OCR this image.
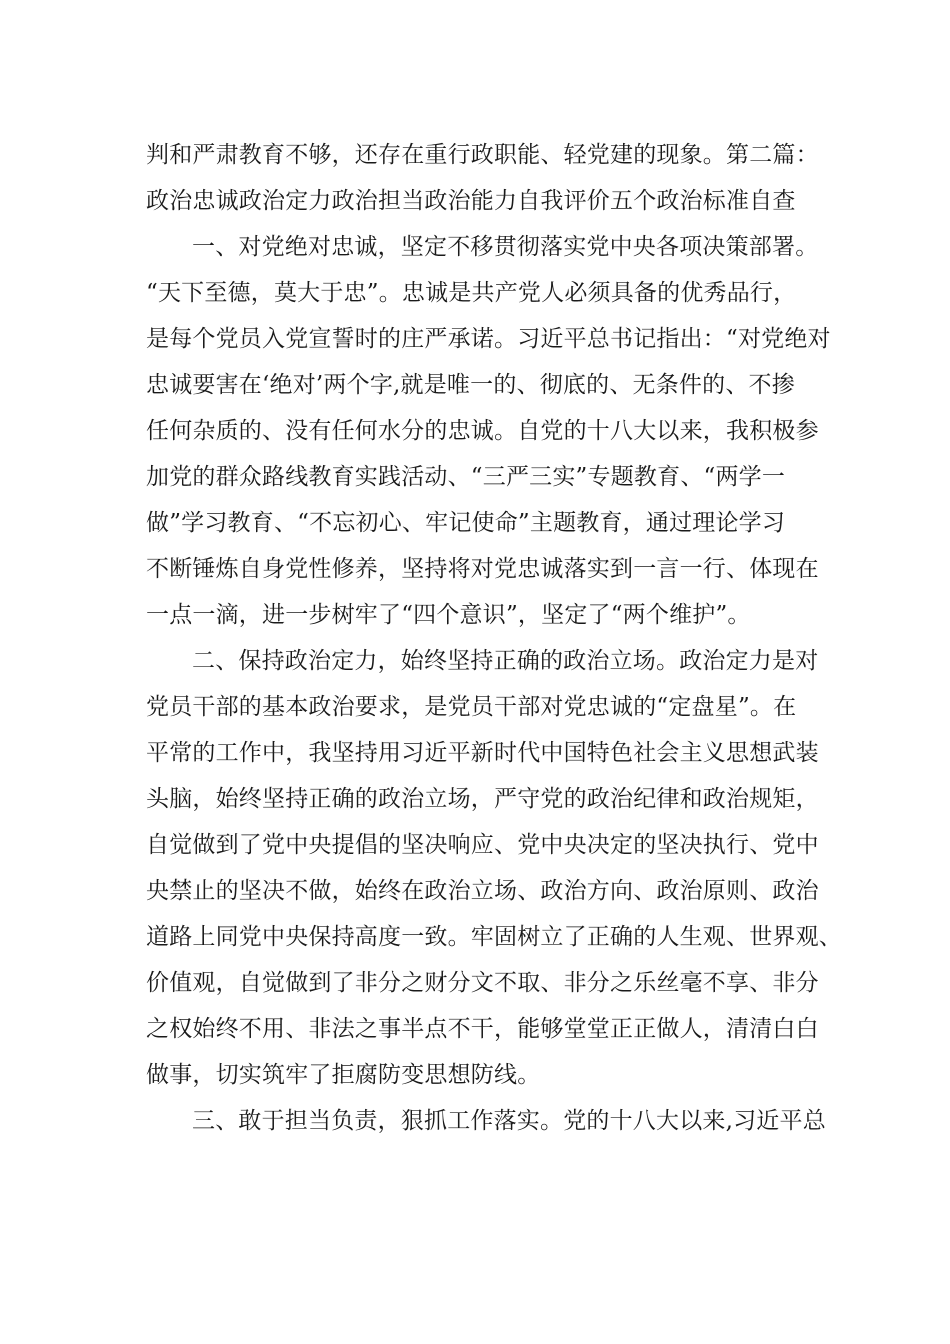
判和严肃教育不够，还存在重行政职能、轻党建的现象。第二篇：
政治忠诚政治定力政治担当政治能力自我评价五个政治标准自查
一、对党绝对忠诚，坚定不移贯彻落实党中央各项决策部署。
“天下至德，莫大于忠”。忠诚是共产党人必须具备的优秀品行，
是每个党员入党宣誓时的庄严承诺。习近平总书记指出：“对党绝对
忠诚要害在‘绝对’两个字,就是唯一的、彻底的、无条件的、不掺
任何杂质的、没有任何水分的忠诚。自党的十八大以来，我积极参
加党的群众路线教育实践活动、“三严三实”专题教育、“两学一
做”学习教育、“不忘初心、牢记使命”主题教育，通过理论学习
不断锤炼自身党性修养，坚持将对党忠诚落实到一言一行、体现在
一点一滴，进一步树牢了“四个意识”，坚定了“两个维护”。
二、保持政治定力，始终坚持正确的政治立场。政治定力是对
党员干部的基本政治要求，是党员干部对党忠诚的“定盘星”。在
平常的工作中，我坚持用习近平新时代中国特色社会主义思想武装
头脑，始终坚持正确的政治立场，严守党的政治纪律和政治规矩，
自觉做到了党中央提倡的坚决响应、党中央决定的坚决执行、党中
央禁止的坚决不做，始终在政治立场、政治方向、政治原则、政治
道路上同党中央保持高度一致。牢固树立了正确的人生观、世界观、
价值观，自觉做到了非分之财分文不取、非分之乐丝毫不享、非分
之权始终不用、非法之事半点不干，能够堂堂正正做人，清清白白
做事，切实筑牢了拒腐防变思想防线。
三、敢于担当负责，狠抓工作落实。党的十八大以来,习近平总
